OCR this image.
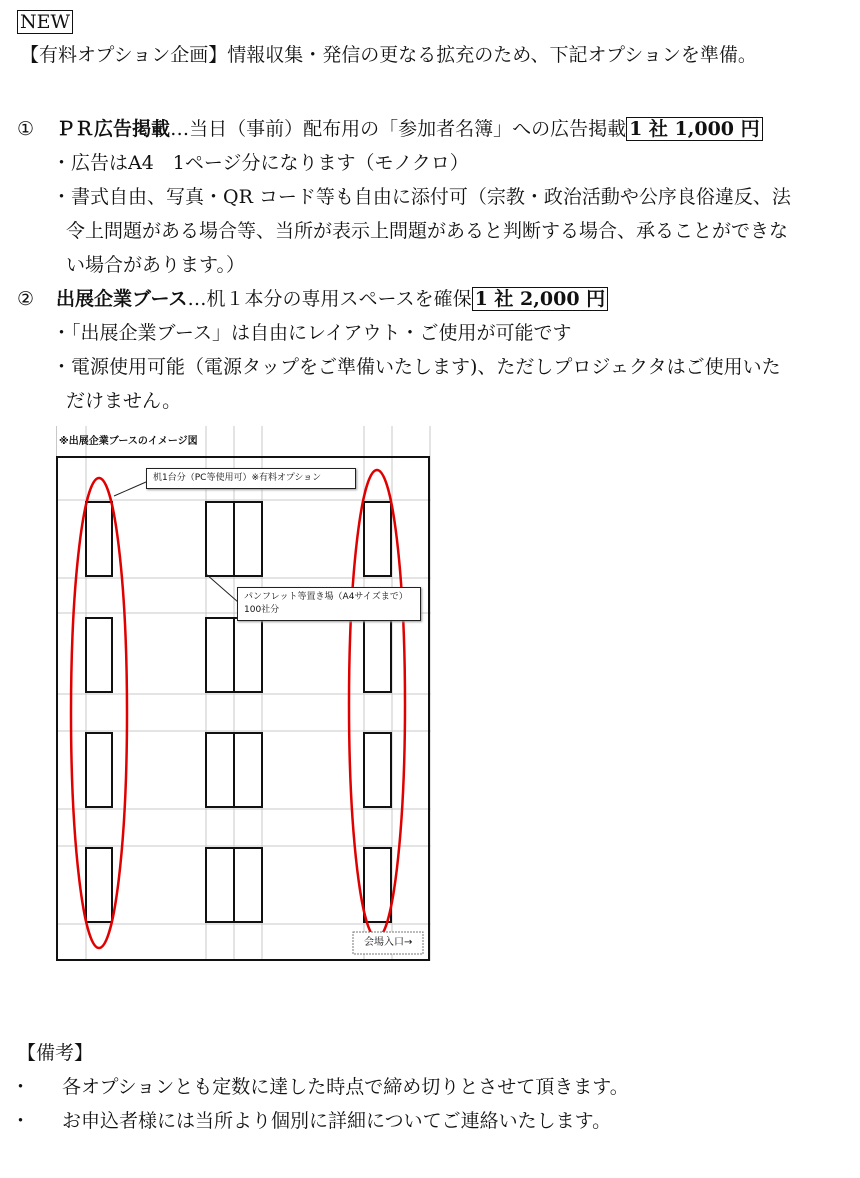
NEW
【有料オプション企画】情報収集・発信の更なる拡充のため、下記オプションを準備。
① ＰＲ広告掲載…当日（事前）配布用の「参加者名簿」への広告掲載 1 社 1,000 円
・広告はA4　1ページ分になります（モノクロ）
・書式自由、写真・QR コード等も自由に添付可（宗教・政治活動や公序良俗違反、法
令上問題がある場合等、当所が表示上問題があると判断する場合、承ることができな
い場合があります。）
② 出展企業ブース…机１本分の専用スペースを確保 1 社 2,000 円
・「出展企業ブース」は自由にレイアウト・ご使用が可能です
・電源使用可能（電源タップをご準備いたします)、ただしプロジェクタはご使用いた
だけません。
※出展企業ブースのイメージ図
机1台分（PC等使用可）※有料オプション
パンフレット等置き場（A4サイズまで）
100社分
会場入口→
【備考】
・ 各オプションとも定数に達した時点で締め切りとさせて頂きます。
・ お申込者様には当所より個別に詳細についてご連絡いたします。
